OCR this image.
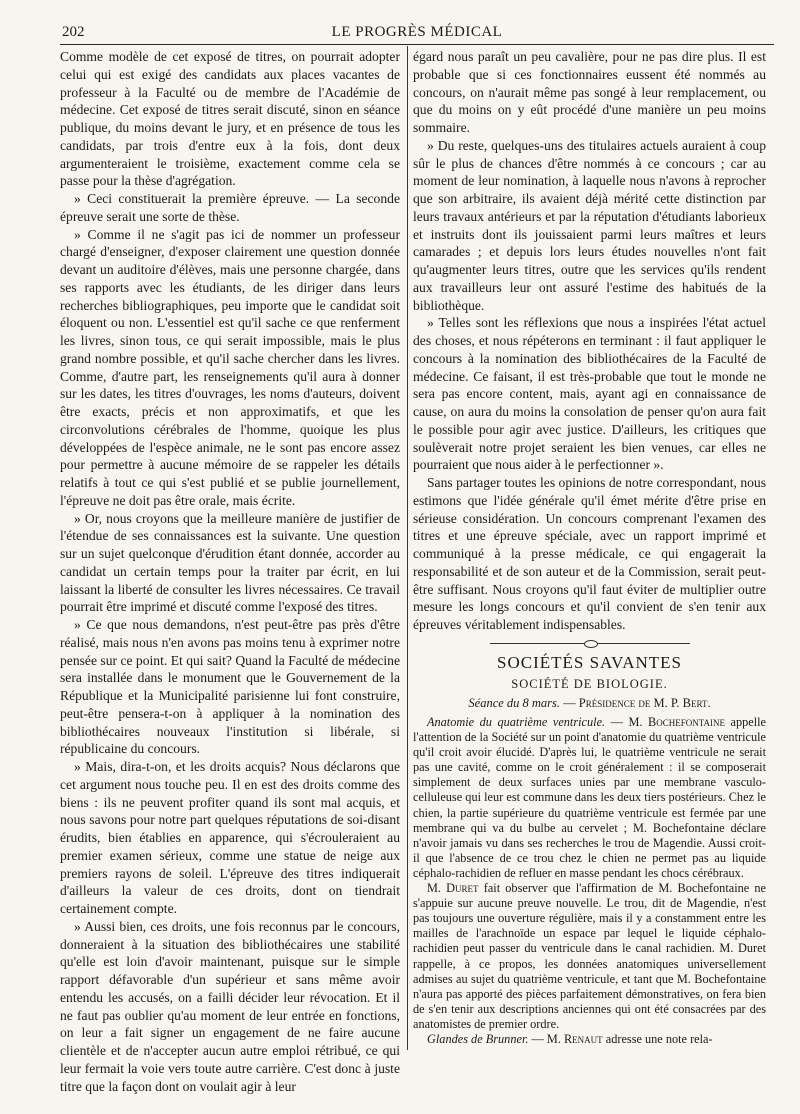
202	LE PROGRÈS MÉDICAL

Comme modèle de cet exposé de titres, on pourrait adopter celui qui est exigé des candidats aux places vacantes de professeur à la Faculté ou de membre de l'Académie de médecine. Cet exposé de titres serait discuté, sinon en séance publique, du moins devant le jury, et en présence de tous les candidats, par trois d'entre eux à la fois, dont deux argumenteraient le troisième, exactement comme cela se passe pour la thèse d'agrégation.

» Ceci constituerait la première épreuve. — La seconde épreuve serait une sorte de thèse.

» Comme il ne s'agit pas ici de nommer un professeur chargé d'enseigner, d'exposer clairement une question donnée devant un auditoire d'élèves, mais une personne chargée, dans ses rapports avec les étudiants, de les diriger dans leurs recherches bibliographiques, peu importe que le candidat soit éloquent ou non. L'essentiel est qu'il sache ce que renferment les livres, sinon tous, ce qui serait impossible, mais le plus grand nombre possible, et qu'il sache chercher dans les livres. Comme, d'autre part, les renseignements qu'il aura à donner sur les dates, les titres d'ouvrages, les noms d'auteurs, doivent être exacts, précis et non approximatifs, et que les circonvolutions cérébrales de l'homme, quoique les plus développées de l'espèce animale, ne le sont pas encore assez pour permettre à aucune mémoire de se rappeler les détails relatifs à tout ce qui s'est publié et se publie journellement, l'épreuve ne doit pas être orale, mais écrite.

» Or, nous croyons que la meilleure manière de justifier de l'étendue de ses connaissances est la suivante. Une question sur un sujet quelconque d'érudition étant donnée, accorder au candidat un certain temps pour la traiter par écrit, en lui laissant la liberté de consulter les livres nécessaires. Ce travail pourrait être imprimé et discuté comme l'exposé des titres.

» Ce que nous demandons, n'est peut-être pas près d'être réalisé, mais nous n'en avons pas moins tenu à exprimer notre pensée sur ce point. Et qui sait? Quand la Faculté de médecine sera installée dans le monument que le Gouvernement de la République et la Municipalité parisienne lui font construire, peut-être pensera-t-on à appliquer à la nomination des bibliothécaires nouveaux l'institution si libérale, si républicaine du concours.

» Mais, dira-t-on, et les droits acquis? Nous déclarons que cet argument nous touche peu. Il en est des droits comme des biens : ils ne peuvent profiter quand ils sont mal acquis, et nous savons pour notre part quelques réputations de soi-disant érudits, bien établies en apparence, qui s'écrouleraient au premier examen sérieux, comme une statue de neige aux premiers rayons de soleil. L'épreuve des titres indiquerait d'ailleurs la valeur de ces droits, dont on tiendrait certainement compte.

» Aussi bien, ces droits, une fois reconnus par le concours, donneraient à la situation des bibliothécaires une stabilité qu'elle est loin d'avoir maintenant, puisque sur le simple rapport défavorable d'un supérieur et sans même avoir entendu les accusés, on a failli décider leur révocation. Et il ne faut pas oublier qu'au moment de leur entrée en fonctions, on leur a fait signer un engagement de ne faire aucune clientèle et de n'accepter aucun autre emploi rétribué, ce qui leur fermait la voie vers toute autre carrière. C'est donc à juste titre que la façon dont on voulait agir à leur

égard nous paraît un peu cavalière, pour ne pas dire plus. Il est probable que si ces fonctionnaires eussent été nommés au concours, on n'aurait même pas songé à leur remplacement, ou que du moins on y eût procédé d'une manière un peu moins sommaire.

» Du reste, quelques-uns des titulaires actuels auraient à coup sûr le plus de chances d'être nommés à ce concours ; car au moment de leur nomination, à laquelle nous n'avons à reprocher que son arbitraire, ils avaient déjà mérité cette distinction par leurs travaux antérieurs et par la réputation d'étudiants laborieux et instruits dont ils jouissaient parmi leurs maîtres et leurs camarades ; et depuis lors leurs études nouvelles n'ont fait qu'augmenter leurs titres, outre que les services qu'ils rendent aux travailleurs leur ont assuré l'estime des habitués de la bibliothèque.

» Telles sont les réflexions que nous a inspirées l'état actuel des choses, et nous répéterons en terminant : il faut appliquer le concours à la nomination des bibliothécaires de la Faculté de médecine. Ce faisant, il est très-probable que tout le monde ne sera pas encore content, mais, ayant agi en connaissance de cause, on aura du moins la consolation de penser qu'on aura fait le possible pour agir avec justice. D'ailleurs, les critiques que soulèverait notre projet seraient les bien venues, car elles ne pourraient que nous aider à le perfectionner ».

Sans partager toutes les opinions de notre correspondant, nous estimons que l'idée générale qu'il émet mérite d'être prise en sérieuse considération. Un concours comprenant l'examen des titres et une épreuve spéciale, avec un rapport imprimé et communiqué à la presse médicale, ce qui engagerait la responsabilité et de son auteur et de la Commission, serait peut-être suffisant. Nous croyons qu'il faut éviter de multiplier outre mesure les longs concours et qu'il convient de s'en tenir aux épreuves véritablement indispensables.

SOCIÉTÉS SAVANTES
SOCIÉTÉ DE BIOLOGIE.
Séance du 8 mars. — Présidence de M. P. Bert.

Anatomie du quatrième ventricule. — M. Bochefontaine appelle l'attention de la Société sur un point d'anatomie du quatrième ventricule qu'il croit avoir élucidé. D'après lui, le quatrième ventricule ne serait pas une cavité, comme on le croit généralement : il se composerait simplement de deux surfaces unies par une membrane vasculo-celluleuse qui leur est commune dans les deux tiers postérieurs. Chez le chien, la partie supérieure du quatrième ventricule est fermée par une membrane qui va du bulbe au cervelet ; M. Bochefontaine déclare n'avoir jamais vu dans ses recherches le trou de Magendie. Aussi croit-il que l'absence de ce trou chez le chien ne permet pas au liquide céphalo-rachidien de refluer en masse pendant les chocs cérébraux.

M. Duret fait observer que l'affirmation de M. Bochefontaine ne s'appuie sur aucune preuve nouvelle. Le trou, dit de Magendie, n'est pas toujours une ouverture régulière, mais il y a constamment entre les mailles de l'arachnoïde un espace par lequel le liquide céphalo-rachidien peut passer du ventricule dans le canal rachidien. M. Duret rappelle, à ce propos, les données anatomiques universellement admises au sujet du quatrième ventricule, et tant que M. Bochefontaine n'aura pas apporté des pièces parfaitement démonstratives, on fera bien de s'en tenir aux descriptions anciennes qui ont été consacrées par des anatomistes de premier ordre.

Glandes de Brunner. — M. Renaut adresse une note rela-
